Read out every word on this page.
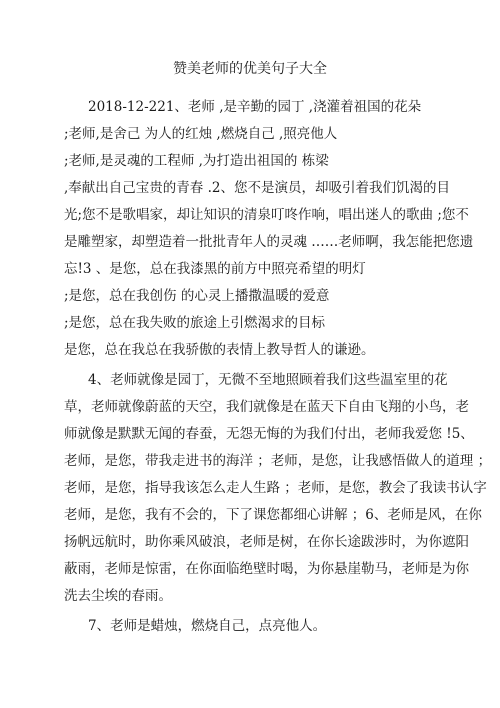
赞美老师的优美句子大全
2018-12-221、老师 ,是辛勤的园丁 ,浇灌着祖国的花朵
;老师,是舍己 为人的红烛 ,燃烧自己 ,照亮他人
;老师,是灵魂的工程师 ,为打造出祖国的 栋梁
,奉献出自己宝贵的青春 .2、您不是演员，却吸引着我们饥渴的目
光;您不是歌唱家，却让知识的清泉叮咚作响，唱出迷人的歌曲 ;您不
是雕塑家，却塑造着一批批青年人的灵魂 ……老师啊，我怎能把您遗
忘!3 、是您，总在我漆黑的前方中照亮希望的明灯
;是您，总在我创伤 的心灵上播撒温暖的爱意
;是您，总在我失败的旅途上引燃渴求的目标
是您，总在我总在我骄傲的表情上教导哲人的谦逊。
4、老师就像是园丁，无微不至地照顾着我们这些温室里的花
草，老师就像蔚蓝的天空，我们就像是在蓝天下自由飞翔的小鸟，老
师就像是默默无闻的春蚕，无怨无悔的为我们付出，老师我爱您 !5、
老师，是您，带我走进书的海洋 ；老师，是您，让我感悟做人的道理 ；
老师，是您，指导我该怎么走人生路 ；老师，是您，教会了我读书认字
老师，是您，我有不会的，下了课您都细心讲解 ；6、老师是风，在你
扬帆远航时，助你乘风破浪，老师是树，在你长途跋涉时，为你遮阳
蔽雨，老师是惊雷，在你面临绝壁时喝，为你悬崖勒马，老师是为你
洗去尘埃的春雨。
7、老师是蜡烛，燃烧自己，点亮他人。
